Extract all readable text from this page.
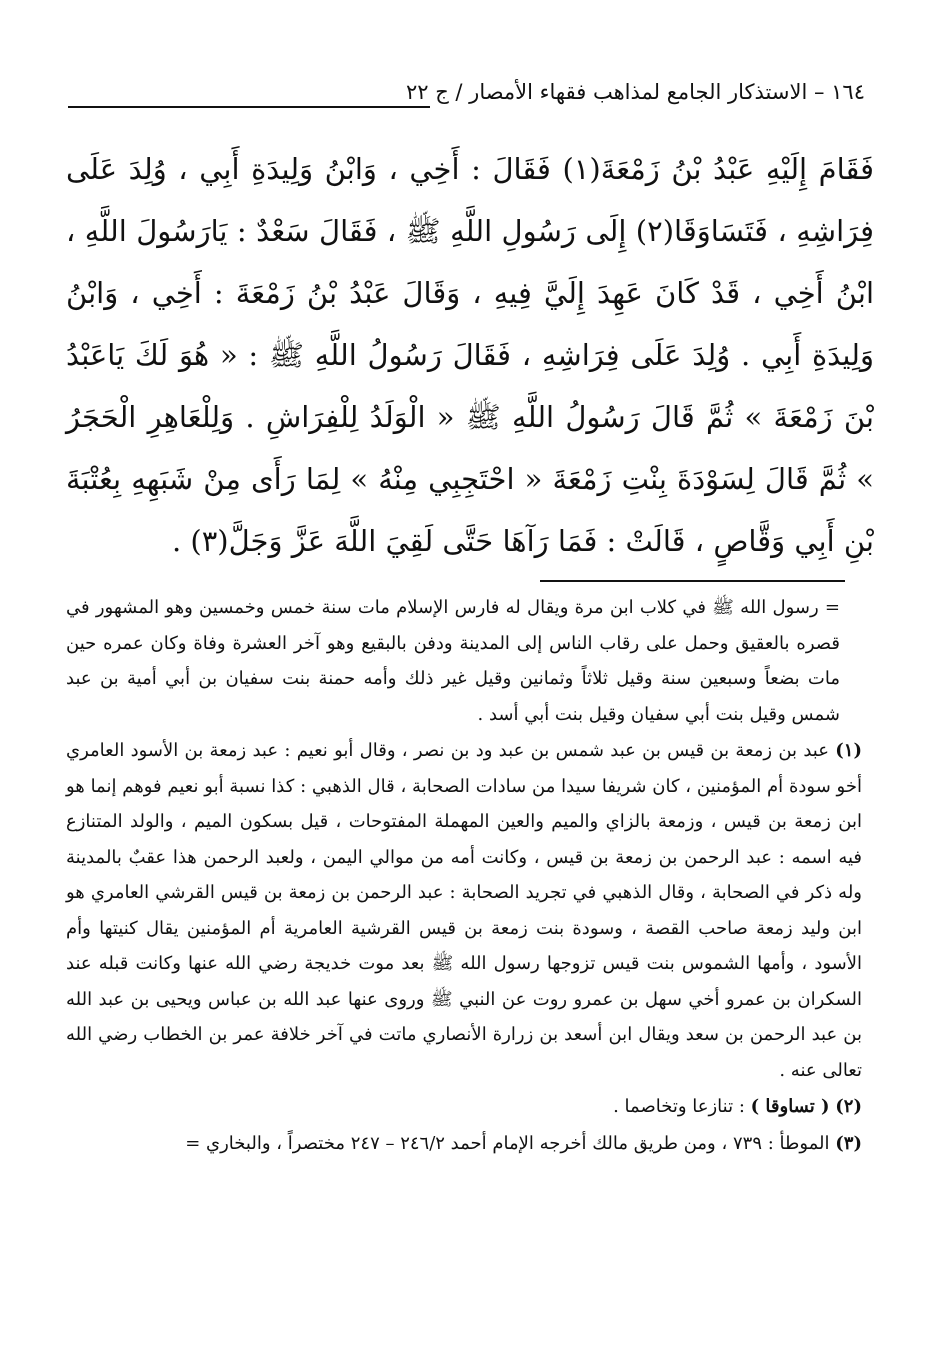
١٦٤ – الاستذكار الجامع لمذاهب فقهاء الأمصار / ج ٢٢

فَقَامَ إِلَيْهِ عَبْدُ بْنُ زَمْعَةَ(١) فَقَالَ : أَخِي ، وَابْنُ وَلِيدَةِ أَبِي ، وُلِدَ عَلَى فِرَاشِهِ ، فَتَسَاوَقَا(٢) إِلَى رَسُولِ اللَّهِ ﷺ ، فَقَالَ سَعْدٌ : يَارَسُولَ اللَّهِ ، ابْنُ أَخِي ، قَدْ كَانَ عَهِدَ إِلَيَّ فِيهِ ، وَقَالَ عَبْدُ بْنُ زَمْعَةَ : أَخِي ، وَابْنُ وَلِيدَةِ أَبِي . وُلِدَ عَلَى فِرَاشِهِ ، فَقَالَ رَسُولُ اللَّهِ ﷺ : « هُوَ لَكَ يَاعَبْدُ بْنَ زَمْعَةَ » ثُمَّ قَالَ رَسُولُ اللَّهِ ﷺ « الْوَلَدُ لِلْفِرَاشِ . وَلِلْعَاهِرِ الْحَجَرُ » ثُمَّ قَالَ لِسَوْدَةَ بِنْتِ زَمْعَةَ « احْتَجِبِي مِنْهُ » لِمَا رَأَى مِنْ شَبَهِهِ بِعُتْبَةَ بْنِ أَبِي وَقَّاصٍ ، قَالَتْ : فَمَا رَآهَا حَتَّى لَقِيَ اللَّهَ عَزَّ وَجَلَّ(٣) .

= رسول الله ﷺ في كلاب ابن مرة ويقال له فارس الإسلام مات سنة خمس وخمسين وهو المشهور في قصره بالعقيق وحمل على رقاب الناس إلى المدينة ودفن بالبقيع وهو آخر العشرة وفاة وكان عمره حين مات بضعاً وسبعين سنة وقيل ثلاثاً وثمانين وقيل غير ذلك وأمه حمنة بنت سفيان بن أبي أمية بن عبد شمس وقيل بنت أبي سفيان وقيل بنت أبي أسد .

(١) عبد بن زمعة بن قيس بن عبد شمس بن عبد ود بن نصر ، وقال أبو نعيم : عبد زمعة بن الأسود العامري أخو سودة أم المؤمنين ، كان شريفا سيدا من سادات الصحابة ، قال الذهبي : كذا نسبة أبو نعيم فوهم إنما هو ابن زمعة بن قيس ، وزمعة بالزاي والميم والعين المهملة المفتوحات ، قيل بسكون الميم ، والولد المتنازع فيه اسمه : عبد الرحمن بن زمعة بن قيس ، وكانت أمه من موالي اليمن ، ولعبد الرحمن هذا عقبٌ بالمدينة وله ذكر في الصحابة ، وقال الذهبي في تجريد الصحابة : عبد الرحمن بن زمعة بن قيس القرشي العامري هو ابن وليد زمعة صاحب القصة ، وسودة بنت زمعة بن قيس القرشية العامرية أم المؤمنين يقال كنيتها وأم الأسود ، وأمها الشموس بنت قيس تزوجها رسول الله ﷺ بعد موت خديجة رضي الله عنها وكانت قبله عند السكران بن عمرو أخي سهل بن عمرو روت عن النبي ﷺ وروى عنها عبد الله بن عباس ويحيى بن عبد الله بن عبد الرحمن بن سعد ويقال ابن أسعد بن زرارة الأنصاري ماتت في آخر خلافة عمر بن الخطاب رضي الله تعالى عنه .

(٢) ( تساوقا ) : تنازعا وتخاصما .

(٣) الموطأ : ٧٣٩ ، ومن طريق مالك أخرجه الإمام أحمد ٢٤٦/٢ – ٢٤٧ مختصراً ، والبخاري =
